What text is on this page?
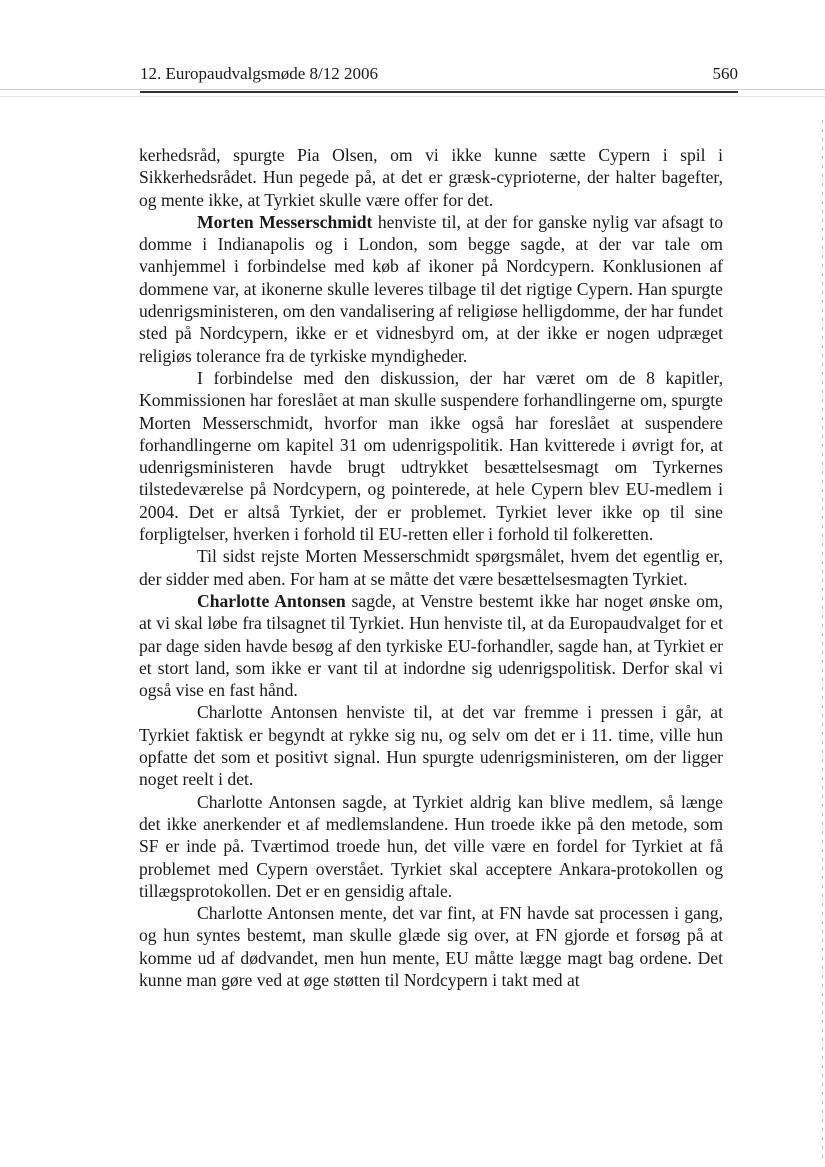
12. Europaudvalgsmøde 8/12 2006	560

kerhedsråd, spurgte Pia Olsen, om vi ikke kunne sætte Cypern i spil i Sikkerhedsrådet. Hun pegede på, at det er græsk-cyprioterne, der halter bagefter, og mente ikke, at Tyrkiet skulle være offer for det.

Morten Messerschmidt henviste til, at der for ganske nylig var afsagt to domme i Indianapolis og i London, som begge sagde, at der var tale om vanhjemmel i forbindelse med køb af ikoner på Nordcypern. Konklusionen af dommene var, at ikonerne skulle leveres tilbage til det rigtige Cypern. Han spurgte udenrigsministeren, om den vandalisering af religiøse helligdomme, der har fundet sted på Nordcypern, ikke er et vidnesbyrd om, at der ikke er nogen udpræget religiøs tolerance fra de tyrkiske myndigheder.

I forbindelse med den diskussion, der har været om de 8 kapitler, Kommissionen har foreslået at man skulle suspendere forhandlingerne om, spurgte Morten Messerschmidt, hvorfor man ikke også har foreslået at suspendere forhandlingerne om kapitel 31 om udenrigspolitik. Han kvitterede i øvrigt for, at udenrigsministeren havde brugt udtrykket besættelsesmagt om Tyrkernes tilstedeværelse på Nordcypern, og pointerede, at hele Cypern blev EU-medlem i 2004. Det er altså Tyrkiet, der er problemet. Tyrkiet lever ikke op til sine forpligtelser, hverken i forhold til EU-retten eller i forhold til folkeretten.

Til sidst rejste Morten Messerschmidt spørgsmålet, hvem det egentlig er, der sidder med aben. For ham at se måtte det være besættelsesmagten Tyrkiet.

Charlotte Antonsen sagde, at Venstre bestemt ikke har noget ønske om, at vi skal løbe fra tilsagnet til Tyrkiet. Hun henviste til, at da Europaudvalget for et par dage siden havde besøg af den tyrkiske EU-forhandler, sagde han, at Tyrkiet er et stort land, som ikke er vant til at indordne sig udenrigspolitisk. Derfor skal vi også vise en fast hånd.

Charlotte Antonsen henviste til, at det var fremme i pressen i går, at Tyrkiet faktisk er begyndt at rykke sig nu, og selv om det er i 11. time, ville hun opfatte det som et positivt signal. Hun spurgte udenrigsministeren, om der ligger noget reelt i det.

Charlotte Antonsen sagde, at Tyrkiet aldrig kan blive medlem, så længe det ikke anerkender et af medlemslandene. Hun troede ikke på den metode, som SF er inde på. Tværtimod troede hun, det ville være en fordel for Tyrkiet at få problemet med Cypern overstået. Tyrkiet skal acceptere Ankara-protokollen og tillægsprotokollen. Det er en gensidig aftale.

Charlotte Antonsen mente, det var fint, at FN havde sat processen i gang, og hun syntes bestemt, man skulle glæde sig over, at FN gjorde et forsøg på at komme ud af dødvandet, men hun mente, EU måtte lægge magt bag ordene. Det kunne man gøre ved at øge støtten til Nordcypern i takt med at
